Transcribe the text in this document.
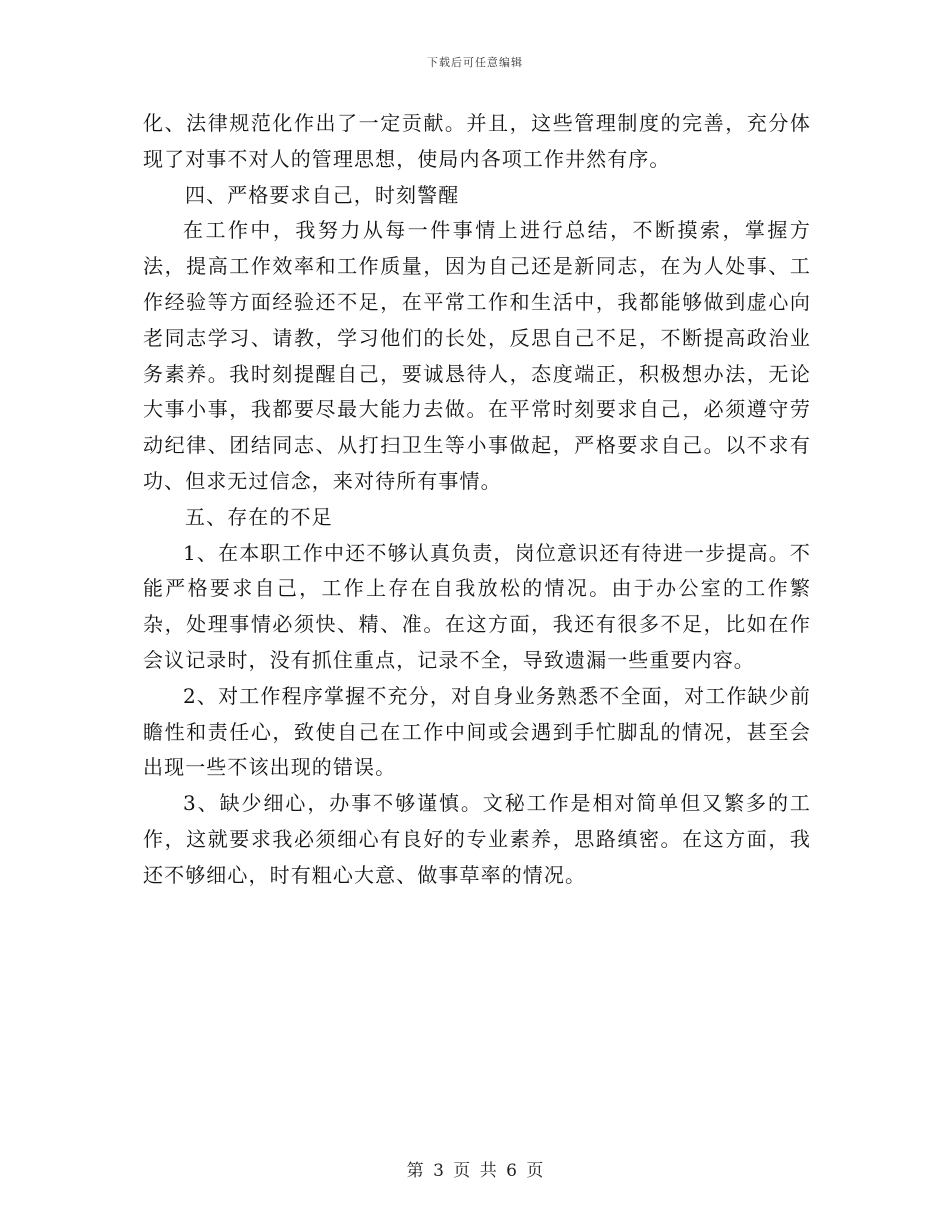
下载后可任意编辑

化、法律规范化作出了一定贡献。并且，这些管理制度的完善，充分体现了对事不对人的管理思想，使局内各项工作井然有序。

四、严格要求自己，时刻警醒

在工作中，我努力从每一件事情上进行总结，不断摸索，掌握方法，提高工作效率和工作质量，因为自己还是新同志，在为人处事、工作经验等方面经验还不足，在平常工作和生活中，我都能够做到虚心向老同志学习、请教，学习他们的长处，反思自己不足，不断提高政治业务素养。我时刻提醒自己，要诚恳待人，态度端正，积极想办法，无论大事小事，我都要尽最大能力去做。在平常时刻要求自己，必须遵守劳动纪律、团结同志、从打扫卫生等小事做起，严格要求自己。以不求有功、但求无过信念，来对待所有事情。

五、存在的不足

1、在本职工作中还不够认真负责，岗位意识还有待进一步提高。不能严格要求自己，工作上存在自我放松的情况。由于办公室的工作繁杂，处理事情必须快、精、准。在这方面，我还有很多不足，比如在作会议记录时，没有抓住重点，记录不全，导致遗漏一些重要内容。

2、对工作程序掌握不充分，对自身业务熟悉不全面，对工作缺少前瞻性和责任心，致使自己在工作中间或会遇到手忙脚乱的情况，甚至会出现一些不该出现的错误。

3、缺少细心，办事不够谨慎。文秘工作是相对简单但又繁多的工作，这就要求我必须细心有良好的专业素养，思路缜密。在这方面，我还不够细心，时有粗心大意、做事草率的情况。

第 3 页 共 6 页
